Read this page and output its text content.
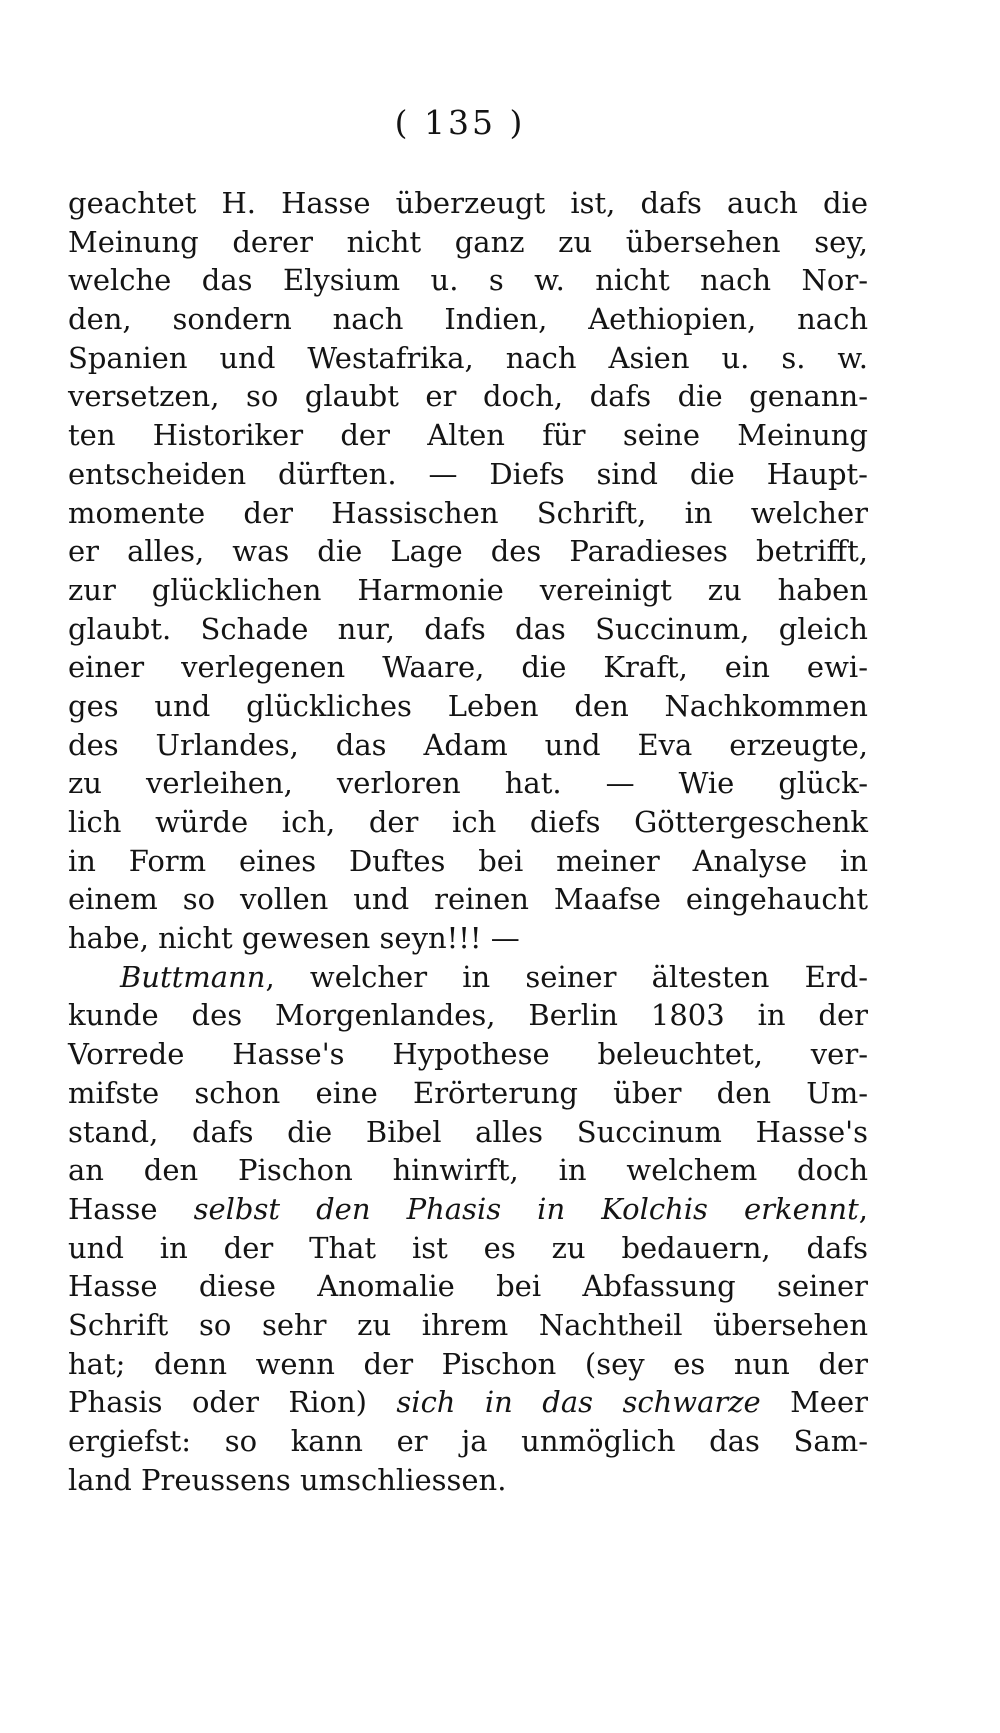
( 135 )
geachtet H. Hasse überzeugt ist, dafs auch die
Meinung derer nicht ganz zu übersehen sey,
welche das Elysium u. s w. nicht nach Nor-
den, sondern nach Indien, Aethiopien, nach
Spanien und Westafrika, nach Asien u. s. w.
versetzen, so glaubt er doch, dafs die genann-
ten Historiker der Alten für seine Meinung
entscheiden dürften. — Diefs sind die Haupt-
momente der Hassischen Schrift, in welcher
er alles, was die Lage des Paradieses betrifft,
zur glücklichen Harmonie vereinigt zu haben
glaubt. Schade nur, dafs das Succinum, gleich
einer verlegenen Waare, die Kraft, ein ewi-
ges und glückliches Leben den Nachkommen
des Urlandes, das Adam und Eva erzeugte,
zu verleihen, verloren hat. — Wie glück-
lich würde ich, der ich diefs Göttergeschenk
in Form eines Duftes bei meiner Analyse in
einem so vollen und reinen Maafse eingehaucht
habe, nicht gewesen seyn!!! —
Buttmann, welcher in seiner ältesten Erd-
kunde des Morgenlandes, Berlin 1803 in der
Vorrede Hasse's Hypothese beleuchtet, ver-
mifste schon eine Erörterung über den Um-
stand, dafs die Bibel alles Succinum Hasse's
an den Pischon hinwirft, in welchem doch
Hasse selbst den Phasis in Kolchis erkennt,
und in der That ist es zu bedauern, dafs
Hasse diese Anomalie bei Abfassung seiner
Schrift so sehr zu ihrem Nachtheil übersehen
hat; denn wenn der Pischon (sey es nun der
Phasis oder Rion) sich in das schwarze Meer
ergiefst: so kann er ja unmöglich das Sam-
land Preussens umschliessen.
